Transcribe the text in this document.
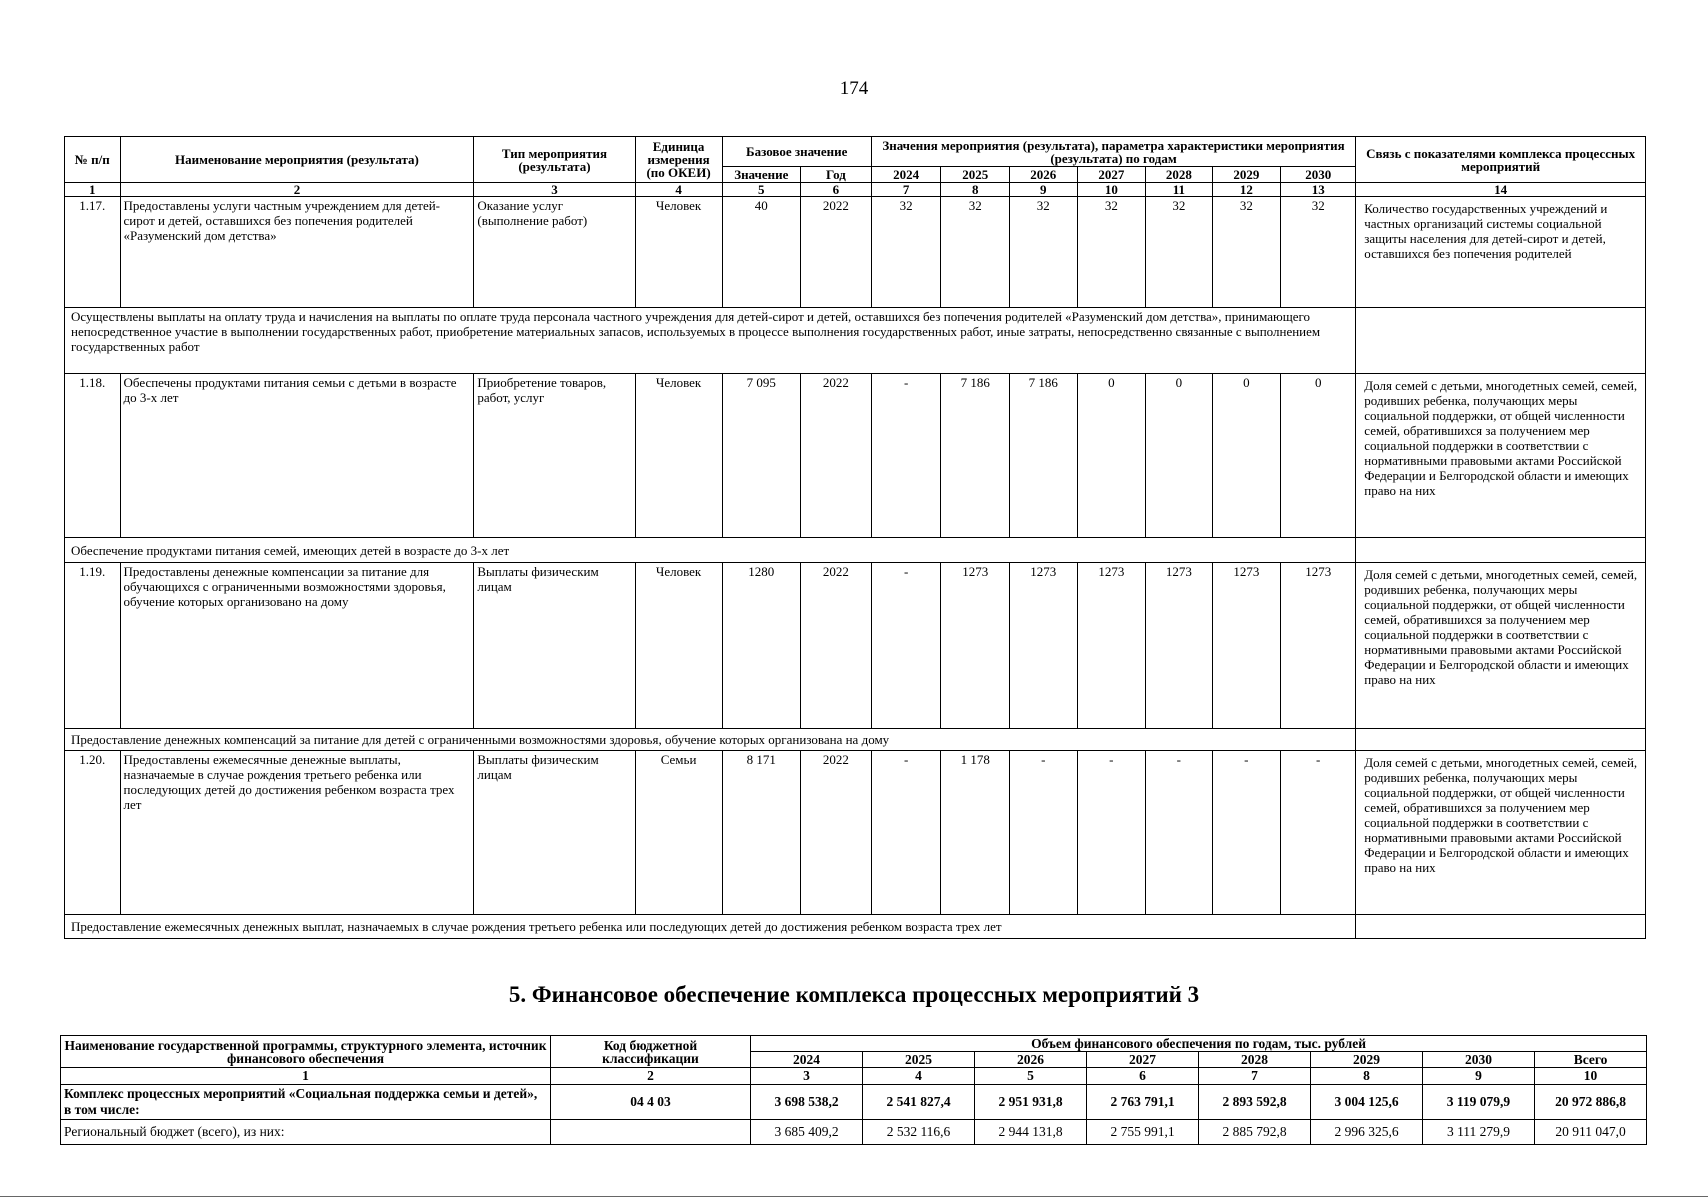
174
№ п/п	Наименование мероприятия (результата)	Тип мероприятия (результата)	Единица измерения (по ОКЕИ)	Базовое значение		Значения мероприятия (результата), параметра характеристики мероприятия (результата) по годам							Связь с показателями комплекса процессных мероприятий
				Значение	Год	2024	2025	2026	2027	2028	2029	2030	
1	2	3	4	5	6	7	8	9	10	11	12	13	14
1.17.	Предоставлены услуги частным учреждением для детей-сирот и детей, оставшихся без попечения родителей «Разуменский дом детства»	Оказание услуг (выполнение работ)	Человек	40	2022	32	32	32	32	32	32	32	Количество государственных учреждений и частных организаций системы социальной защиты населения для детей-сирот и детей, оставшихся без попечения родителей
Осуществлены выплаты на оплату труда и начисления на выплаты по оплате труда персонала частного учреждения для детей-сирот и детей, оставшихся без попечения родителей «Разуменский дом детства», принимающего непосредственное участие в выполнении государственных работ, приобретение материальных запасов, используемых в процессе выполнения государственных работ, иные затраты, непосредственно связанные с выполнением государственных работ													
1.18.	Обеспечены продуктами питания семьи с детьми в возрасте до 3-х лет	Приобретение товаров, работ, услуг	Человек	7 095	2022	-	7 186	7 186	0	0	0	0	Доля семей с детьми, многодетных семей, семей, родивших ребенка, получающих меры социальной поддержки, от общей численности семей, обратившихся за получением мер социальной поддержки в соответствии с нормативными правовыми актами Российской Федерации и Белгородской области и имеющих право на них
Обеспечение продуктами питания семей, имеющих детей в возрасте до 3-х лет													
1.19.	Предоставлены денежные компенсации за питание для обучающихся с ограниченными возможностями здоровья, обучение которых организовано на дому	Выплаты физическим лицам	Человек	1280	2022	-	1273	1273	1273	1273	1273	1273	Доля семей с детьми, многодетных семей, семей, родивших ребенка, получающих меры социальной поддержки, от общей численности семей, обратившихся за получением мер социальной поддержки в соответствии с нормативными правовыми актами Российской Федерации и Белгородской области и имеющих право на них
Предоставление денежных компенсаций за питание для детей с ограниченными возможностями здоровья, обучение которых организована на дому													
1.20.	Предоставлены ежемесячные денежные выплаты, назначаемые в случае рождения третьего ребенка или последующих детей до достижения ребенком возраста трех лет	Выплаты физическим лицам	Семьи	8 171	2022	-	1 178	-	-	-	-	-	Доля семей с детьми, многодетных семей, семей, родивших ребенка, получающих меры социальной поддержки, от общей численности семей, обратившихся за получением мер социальной поддержки в соответствии с нормативными правовыми актами Российской Федерации и Белгородской области и имеющих право на них
Предоставление ежемесячных денежных выплат, назначаемых в случае рождения третьего ребенка или последующих детей до достижения ребенком возраста трех лет													
5. Финансовое обеспечение комплекса процессных мероприятий 3
Наименование государственной программы, структурного элемента, источник финансового обеспечения	Код бюджетной классификации	Объем финансового обеспечения по годам, тыс. рублей							
		2024	2025	2026	2027	2028	2029	2030	Всего
1	2	3	4	5	6	7	8	9	10
Комплекс процессных мероприятий «Социальная поддержка семьи и детей», в том числе:	04 4 03	3 698 538,2	2 541 827,4	2 951 931,8	2 763 791,1	2 893 592,8	3 004 125,6	3 119 079,9	20 972 886,8
Региональный бюджет (всего), из них:		3 685 409,2	2 532 116,6	2 944 131,8	2 755 991,1	2 885 792,8	2 996 325,6	3 111 279,9	20 911 047,0
